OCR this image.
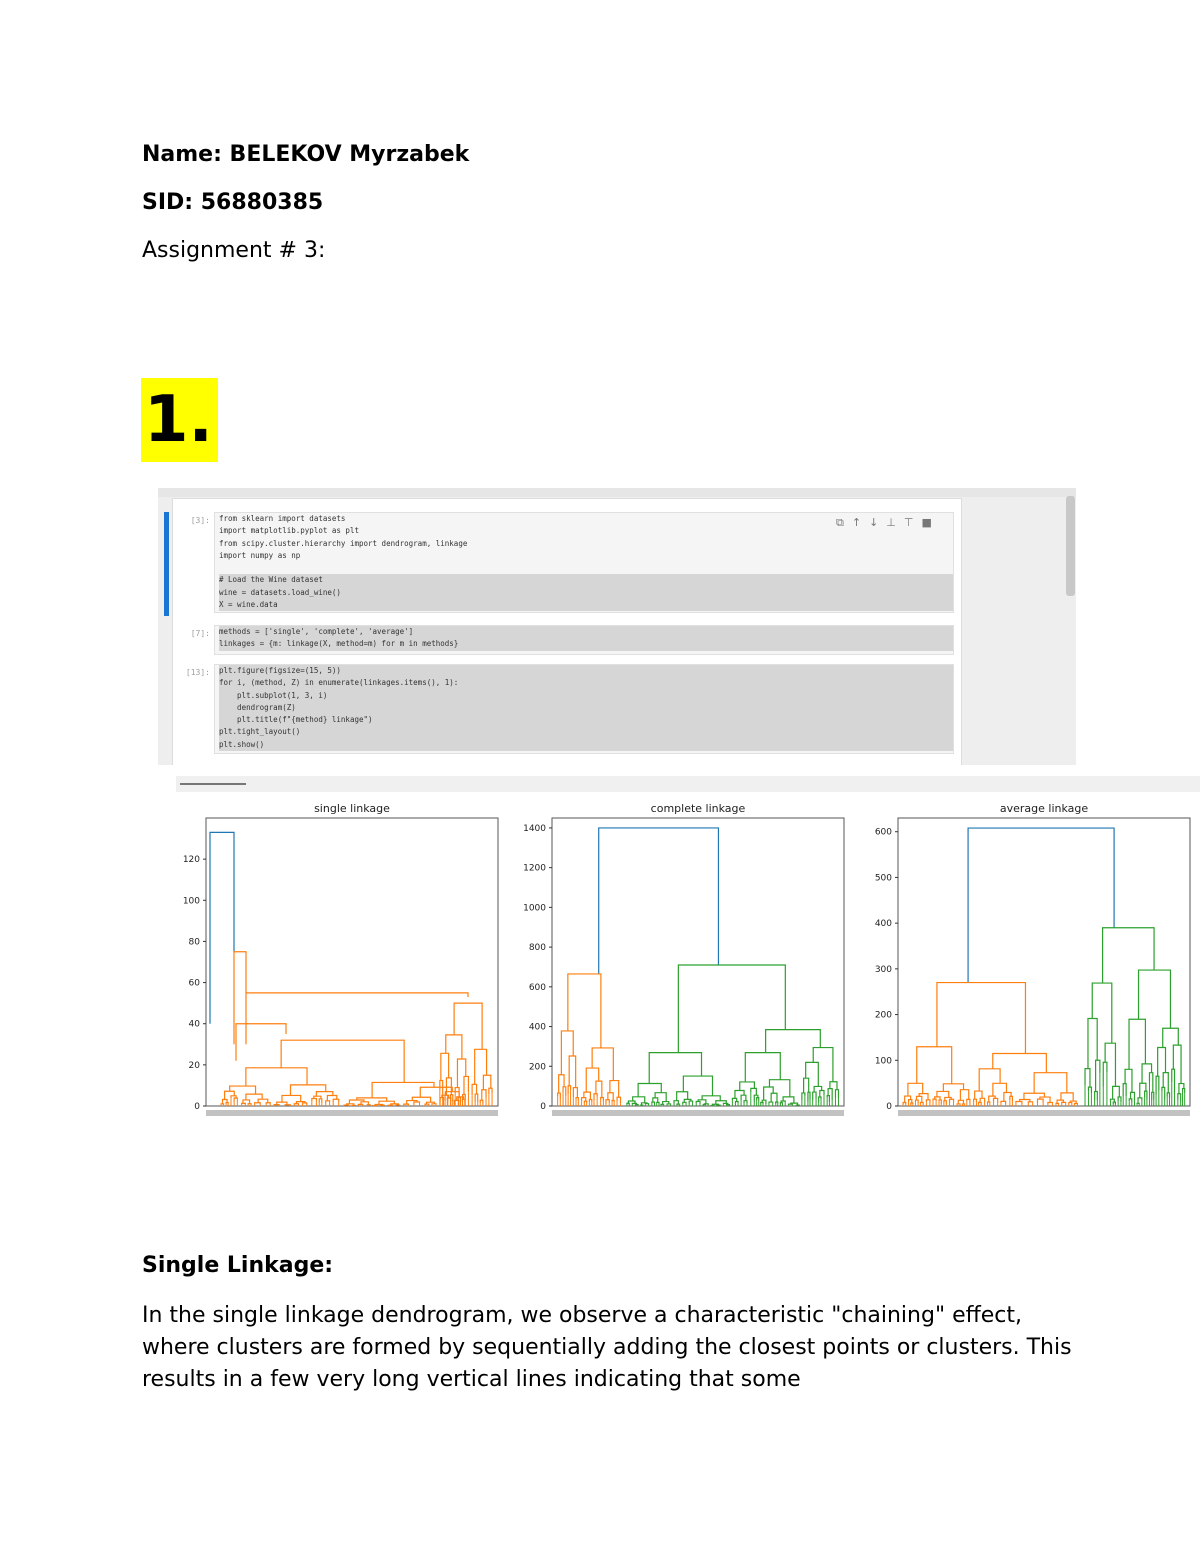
Name: BELEKOV Myrzabek
SID: 56880385
Assignment # 3:
1.
[3]: from sklearn import datasets
import matplotlib.pyplot as plt
from scipy.cluster.hierarchy import dendrogram, linkage
import numpy as np

# Load the Wine dataset
wine = datasets.load_wine()
X = wine.data
⧉↑↓⊥⊤■
[7]: methods = ['single', 'complete', 'average']
linkages = {m: linkage(X, method=m) for m in methods}
[13]: plt.figure(figsize=(15, 5))
for i, (method, Z) in enumerate(linkages.items(), 1):
plt.subplot(1, 3, i)
dendrogram(Z)
plt.title(f"{method} linkage")
plt.tight_layout()
plt.show()
single linkage
0
20
40
60
80
100
120
complete linkage
0
200
400
600
800
1000
1200
1400
average linkage
0
100
200
300
400
500
600
Single Linkage:
In the single linkage dendrogram, we observe a characteristic "chaining" effect, where clusters are formed by sequentially adding the closest points or clusters. This results in a few very long vertical lines indicating that some
